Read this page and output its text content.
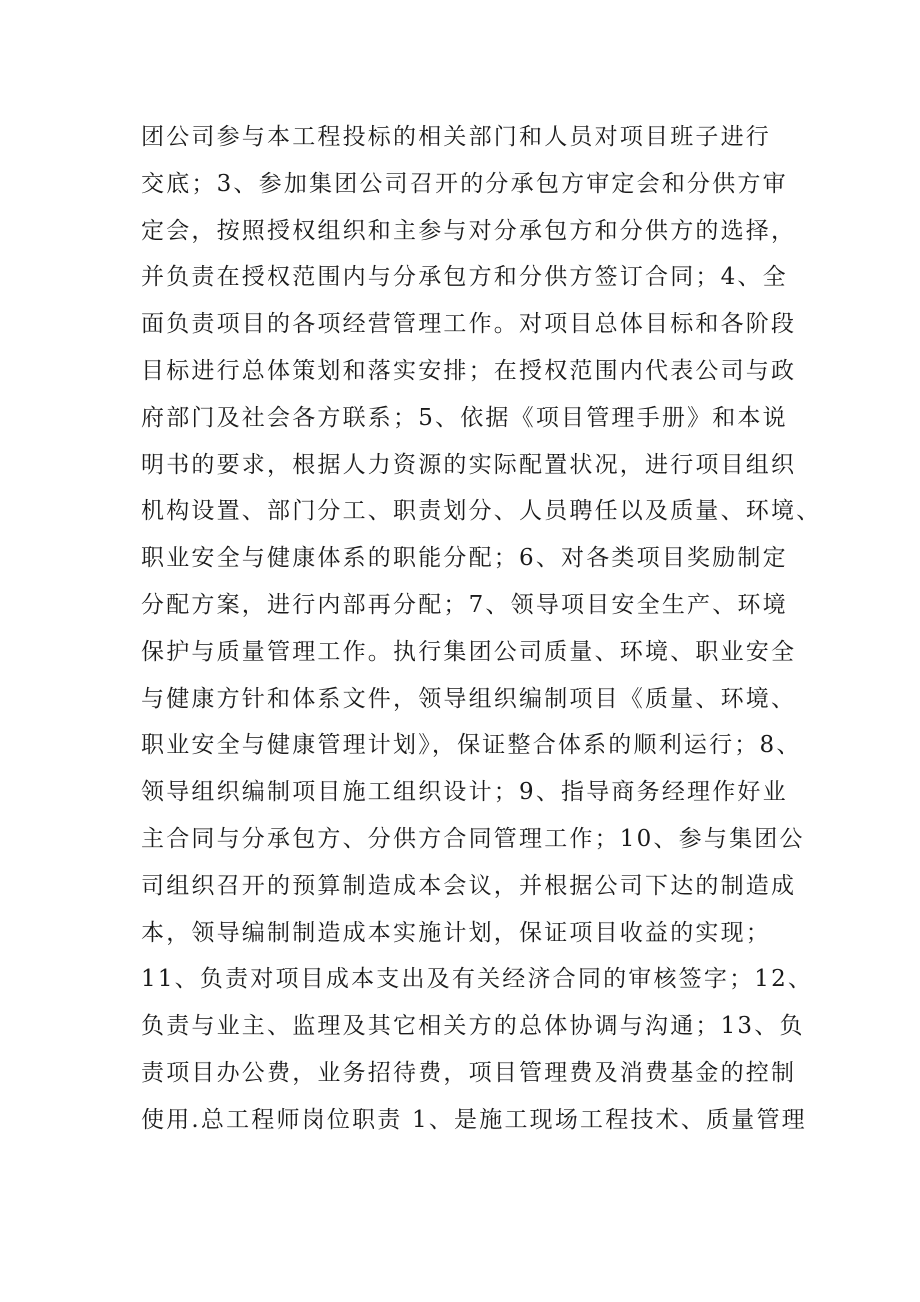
团公司参与本工程投标的相关部门和人员对项目班子进行
交底；3、参加集团公司召开的分承包方审定会和分供方审
定会，按照授权组织和主参与对分承包方和分供方的选择，
并负责在授权范围内与分承包方和分供方签订合同；4、全
面负责项目的各项经营管理工作。对项目总体目标和各阶段
目标进行总体策划和落实安排；在授权范围内代表公司与政
府部门及社会各方联系；5、依据《项目管理手册》和本说
明书的要求，根据人力资源的实际配置状况，进行项目组织
机构设置、部门分工、职责划分、人员聘任以及质量、环境、
职业安全与健康体系的职能分配；6、对各类项目奖励制定
分配方案，进行内部再分配；7、领导项目安全生产、环境
保护与质量管理工作。执行集团公司质量、环境、职业安全
与健康方针和体系文件，领导组织编制项目《质量、环境、
职业安全与健康管理计划》，保证整合体系的顺利运行；8、
领导组织编制项目施工组织设计；9、指导商务经理作好业
主合同与分承包方、分供方合同管理工作；10、参与集团公
司组织召开的预算制造成本会议，并根据公司下达的制造成
本，领导编制制造成本实施计划，保证项目收益的实现；
11、负责对项目成本支出及有关经济合同的审核签字；12、
负责与业主、监理及其它相关方的总体协调与沟通；13、负
责项目办公费，业务招待费，项目管理费及消费基金的控制
使用.总工程师岗位职责 1、是施工现场工程技术、质量管理
